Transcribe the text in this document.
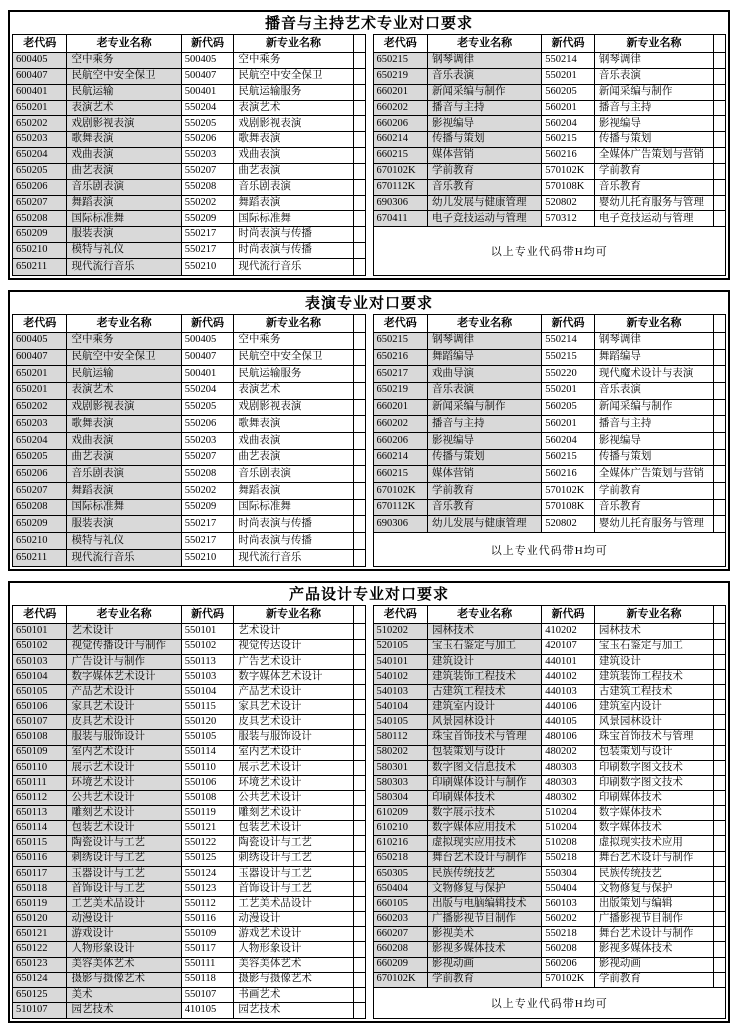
播音与主持艺术专业对口要求
老代码	老专业名称	新代码	新专业名称
600405	空中乘务	500405	空中乘务
600407	民航空中安全保卫	500407	民航空中安全保卫
600401	民航运输	500401	民航运输服务
650201	表演艺术	550204	表演艺术
650202	戏剧影视表演	550205	戏剧影视表演
650203	歌舞表演	550206	歌舞表演
650204	戏曲表演	550203	戏曲表演
650205	曲艺表演	550207	曲艺表演
650206	音乐剧表演	550208	音乐剧表演
650207	舞蹈表演	550202	舞蹈表演
650208	国际标准舞	550209	国际标准舞
650209	服装表演	550217	时尚表演与传播
650210	模特与礼仪	550217	时尚表演与传播
650211	现代流行音乐	550210	现代流行音乐
老代码	老专业名称	新代码	新专业名称
650215	钢琴调律	550214	钢琴调律
650219	音乐表演	550201	音乐表演
660201	新闻采编与制作	560205	新闻采编与制作
660202	播音与主持	560201	播音与主持
660206	影视编导	560204	影视编导
660214	传播与策划	560215	传播与策划
660215	媒体营销	560216	全媒体广告策划与营销
670102K	学前教育	570102K	学前教育
670112K	音乐教育	570108K	音乐教育
690306	幼儿发展与健康管理	520802	婴幼儿托育服务与管理
670411	电子竞技运动与管理	570312	电子竞技运动与管理
以上专业代码带H均可
表演专业对口要求
老代码	老专业名称	新代码	新专业名称
600405	空中乘务	500405	空中乘务
600407	民航空中安全保卫	500407	民航空中安全保卫
650201	民航运输	500401	民航运输服务
650201	表演艺术	550204	表演艺术
650202	戏剧影视表演	550205	戏剧影视表演
650203	歌舞表演	550206	歌舞表演
650204	戏曲表演	550203	戏曲表演
650205	曲艺表演	550207	曲艺表演
650206	音乐剧表演	550208	音乐剧表演
650207	舞蹈表演	550202	舞蹈表演
650208	国际标准舞	550209	国际标准舞
650209	服装表演	550217	时尚表演与传播
650210	模特与礼仪	550217	时尚表演与传播
650211	现代流行音乐	550210	现代流行音乐
老代码	老专业名称	新代码	新专业名称
650215	钢琴调律	550214	钢琴调律
650216	舞蹈编导	550215	舞蹈编导
650217	戏曲导演	550220	现代魔术设计与表演
650219	音乐表演	550201	音乐表演
660201	新闻采编与制作	560205	新闻采编与制作
660202	播音与主持	560201	播音与主持
660206	影视编导	560204	影视编导
660214	传播与策划	560215	传播与策划
660215	媒体营销	560216	全媒体广告策划与营销
670102K	学前教育	570102K	学前教育
670112K	音乐教育	570108K	音乐教育
690306	幼儿发展与健康管理	520802	婴幼儿托育服务与管理
以上专业代码带H均可
产品设计专业对口要求
老代码	老专业名称	新代码	新专业名称
650101	艺术设计	550101	艺术设计
650102	视觉传播设计与制作	550102	视觉传达设计
650103	广告设计与制作	550113	广告艺术设计
650104	数字媒体艺术设计	550103	数字媒体艺术设计
650105	产品艺术设计	550104	产品艺术设计
650106	家具艺术设计	550115	家具艺术设计
650107	皮具艺术设计	550120	皮具艺术设计
650108	服装与服饰设计	550105	服装与服饰设计
650109	室内艺术设计	550114	室内艺术设计
650110	展示艺术设计	550110	展示艺术设计
650111	环境艺术设计	550106	环境艺术设计
650112	公共艺术设计	550108	公共艺术设计
650113	雕刻艺术设计	550119	雕刻艺术设计
650114	包装艺术设计	550121	包装艺术设计
650115	陶瓷设计与工艺	550122	陶瓷设计与工艺
650116	刺绣设计与工艺	550125	刺绣设计与工艺
650117	玉器设计与工艺	550124	玉器设计与工艺
650118	首饰设计与工艺	550123	首饰设计与工艺
650119	工艺美术品设计	550112	工艺美术品设计
650120	动漫设计	550116	动漫设计
650121	游戏设计	550109	游戏艺术设计
650122	人物形象设计	550117	人物形象设计
650123	美容美体艺术	550111	美容美体艺术
650124	摄影与摄像艺术	550118	摄影与摄像艺术
650125	美术	550107	书画艺术
510107	园艺技术	410105	园艺技术
老代码	老专业名称	新代码	新专业名称
510202	园林技术	410202	园林技术
520105	宝玉石鉴定与加工	420107	宝玉石鉴定与加工
540101	建筑设计	440101	建筑设计
540102	建筑装饰工程技术	440102	建筑装饰工程技术
540103	古建筑工程技术	440103	古建筑工程技术
540104	建筑室内设计	440106	建筑室内设计
540105	风景园林设计	440105	风景园林设计
580112	珠宝首饰技术与管理	480106	珠宝首饰技术与管理
580202	包装策划与设计	480202	包装策划与设计
580301	数字图文信息技术	480303	印刷数字图文技术
580303	印刷媒体设计与制作	480303	印刷数字图文技术
580304	印刷媒体技术	480302	印刷媒体技术
610209	数字展示技术	510204	数字媒体技术
610210	数字媒体应用技术	510204	数字媒体技术
610216	虚拟现实应用技术	510208	虚拟现实技术应用
650218	舞台艺术设计与制作	550218	舞台艺术设计与制作
650305	民族传统技艺	550304	民族传统技艺
650404	文物修复与保护	550404	文物修复与保护
660105	出版与电脑编辑技术	560103	出版策划与编辑
660203	广播影视节目制作	560202	广播影视节目制作
660207	影视美术	550218	舞台艺术设计与制作
660208	影视多媒体技术	560208	影视多媒体技术
660209	影视动画	560206	影视动画
670102K	学前教育	570102K	学前教育
以上专业代码带H均可
